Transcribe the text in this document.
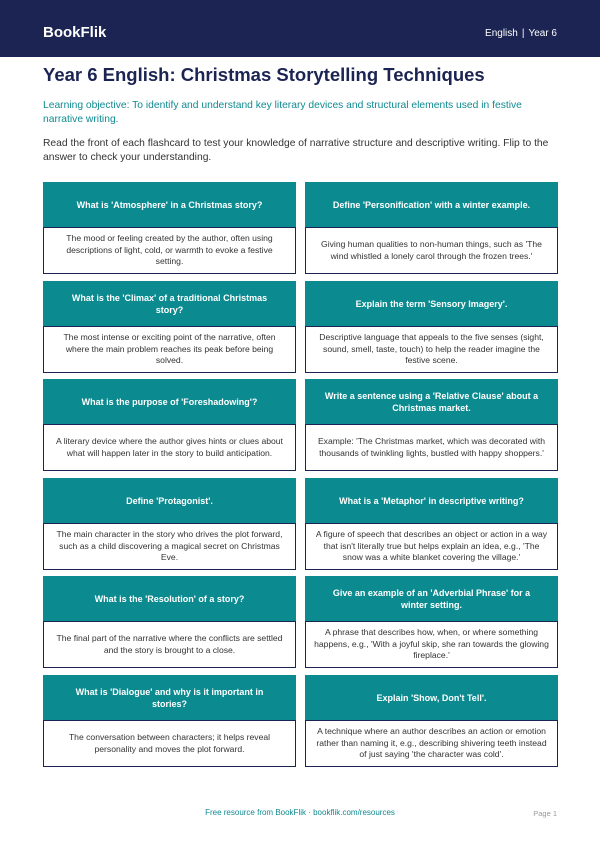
BookFlik	English | Year 6
Year 6 English: Christmas Storytelling Techniques
Learning objective: To identify and understand key literary devices and structural elements used in festive narrative writing.
Read the front of each flashcard to test your knowledge of narrative structure and descriptive writing. Flip to the answer to check your understanding.
What is 'Atmosphere' in a Christmas story?
The mood or feeling created by the author, often using descriptions of light, cold, or warmth to evoke a festive setting.
Define 'Personification' with a winter example.
Giving human qualities to non-human things, such as 'The wind whistled a lonely carol through the frozen trees.'
What is the 'Climax' of a traditional Christmas story?
The most intense or exciting point of the narrative, often where the main problem reaches its peak before being solved.
Explain the term 'Sensory Imagery'.
Descriptive language that appeals to the five senses (sight, sound, smell, taste, touch) to help the reader imagine the festive scene.
What is the purpose of 'Foreshadowing'?
A literary device where the author gives hints or clues about what will happen later in the story to build anticipation.
Write a sentence using a 'Relative Clause' about a Christmas market.
Example: 'The Christmas market, which was decorated with thousands of twinkling lights, bustled with happy shoppers.'
Define 'Protagonist'.
The main character in the story who drives the plot forward, such as a child discovering a magical secret on Christmas Eve.
What is a 'Metaphor' in descriptive writing?
A figure of speech that describes an object or action in a way that isn't literally true but helps explain an idea, e.g., 'The snow was a white blanket covering the village.'
What is the 'Resolution' of a story?
The final part of the narrative where the conflicts are settled and the story is brought to a close.
Give an example of an 'Adverbial Phrase' for a winter setting.
A phrase that describes how, when, or where something happens, e.g., 'With a joyful skip, she ran towards the glowing fireplace.'
What is 'Dialogue' and why is it important in stories?
The conversation between characters; it helps reveal personality and moves the plot forward.
Explain 'Show, Don't Tell'.
A technique where an author describes an action or emotion rather than naming it, e.g., describing shivering teeth instead of just saying 'the character was cold'.
Free resource from BookFlik · bookflik.com/resources	Page 1
